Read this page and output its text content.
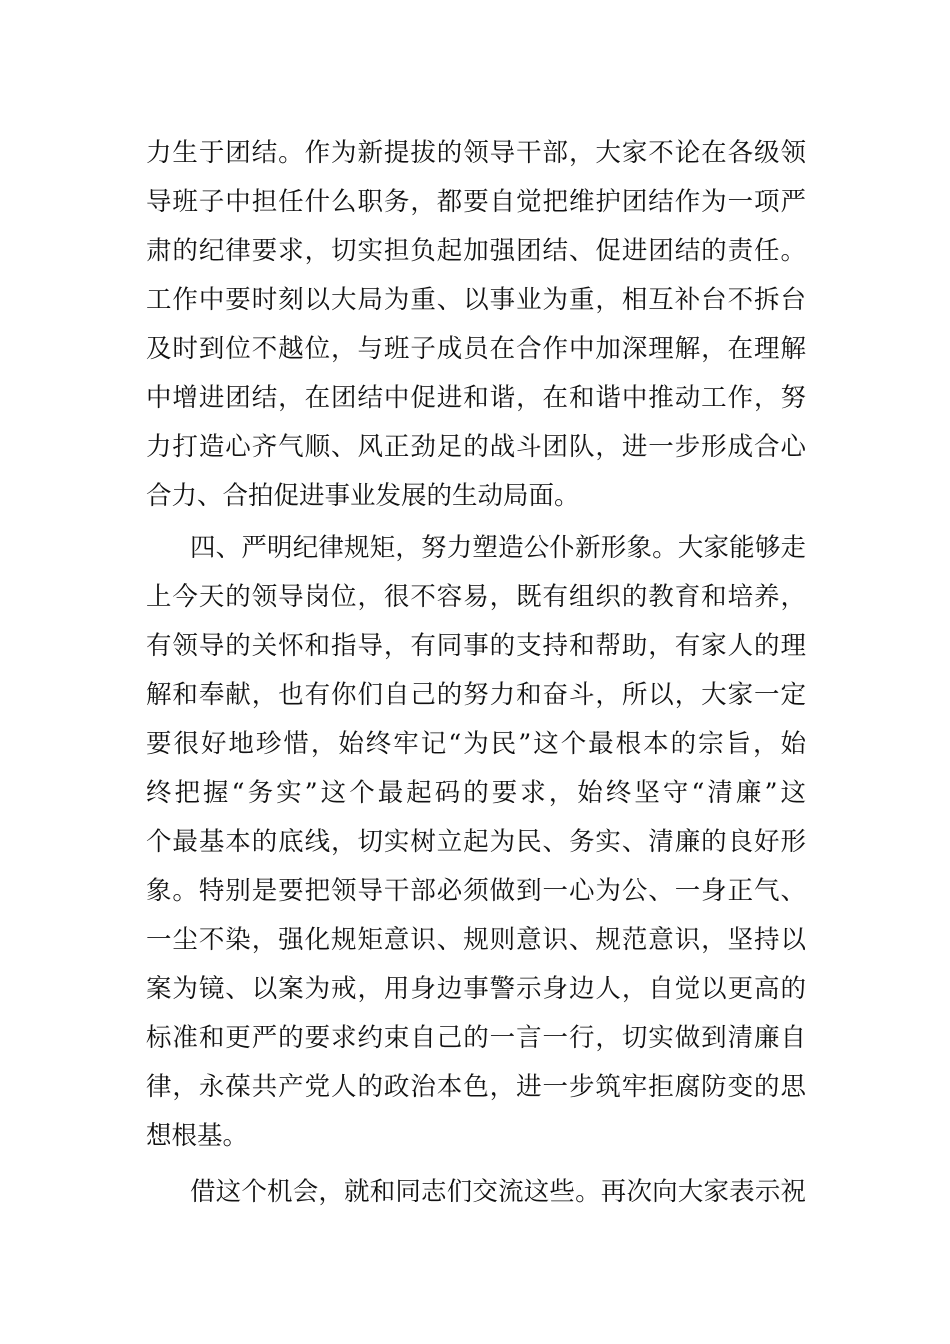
力生于团结。作为新提拔的领导干部，大家不论在各级领
导班子中担任什么职务，都要自觉把维护团结作为一项严
肃的纪律要求，切实担负起加强团结、促进团结的责任。
工作中要时刻以大局为重、以事业为重，相互补台不拆台
及时到位不越位，与班子成员在合作中加深理解，在理解
中增进团结，在团结中促进和谐，在和谐中推动工作，努
力打造心齐气顺、风正劲足的战斗团队，进一步形成合心
合力、合拍促进事业发展的生动局面。
四、严明纪律规矩，努力塑造公仆新形象。大家能够走
上今天的领导岗位，很不容易，既有组织的教育和培养，
有领导的关怀和指导，有同事的支持和帮助，有家人的理
解和奉献，也有你们自己的努力和奋斗，所以，大家一定
要很好地珍惜，始终牢记“为民”这个最根本的宗旨，始
终把握“务实”这个最起码的要求，始终坚守“清廉”这
个最基本的底线，切实树立起为民、务实、清廉的良好形
象。特别是要把领导干部必须做到一心为公、一身正气、
一尘不染，强化规矩意识、规则意识、规范意识，坚持以
案为镜、以案为戒，用身边事警示身边人，自觉以更高的
标准和更严的要求约束自己的一言一行，切实做到清廉自
律，永葆共产党人的政治本色，进一步筑牢拒腐防变的思
想根基。
借这个机会，就和同志们交流这些。再次向大家表示祝
